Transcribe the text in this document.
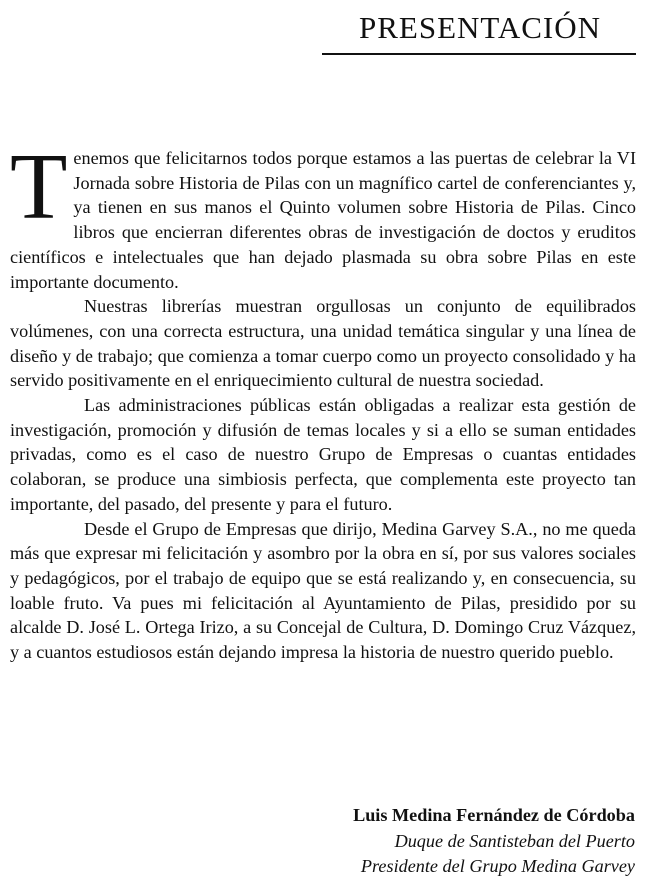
PRESENTACIÓN

Tenemos que felicitarnos todos porque estamos a las puertas de celebrar la VI Jornada sobre Historia de Pilas con un magnífico cartel de conferenciantes y, ya tienen en sus manos el Quinto volumen sobre Historia de Pilas. Cinco libros que encierran diferentes obras de investigación de doctos y eruditos científicos e intelectuales que han dejado plasmada su obra sobre Pilas en este importante documento.

Nuestras librerías muestran orgullosas un conjunto de equilibrados volúmenes, con una correcta estructura, una unidad temática singular y una línea de diseño y de trabajo; que comienza a tomar cuerpo como un proyecto consolidado y ha servido positivamente en el enriquecimiento cultural de nuestra sociedad.

Las administraciones públicas están obligadas a realizar esta gestión de investigación, promoción y difusión de temas locales y si a ello se suman entidades privadas, como es el caso de nuestro Grupo de Empresas o cuantas entidades colaboran, se produce una simbiosis perfecta, que complementa este proyecto tan importante, del pasado, del presente y para el futuro.

Desde el Grupo de Empresas que dirijo, Medina Garvey S.A., no me queda más que expresar mi felicitación y asombro por la obra en sí, por sus valores sociales y pedagógicos, por el trabajo de equipo que se está realizando y, en consecuencia, su loable fruto. Va pues mi felicitación al Ayuntamiento de Pilas, presidido por su alcalde D. José L. Ortega Irizo, a su Concejal de Cultura, D. Domingo Cruz Vázquez, y a cuantos estudiosos están dejando impresa la historia de nuestro querido pueblo.

Luis Medina Fernández de Córdoba
Duque de Santisteban del Puerto
Presidente del Grupo Medina Garvey
